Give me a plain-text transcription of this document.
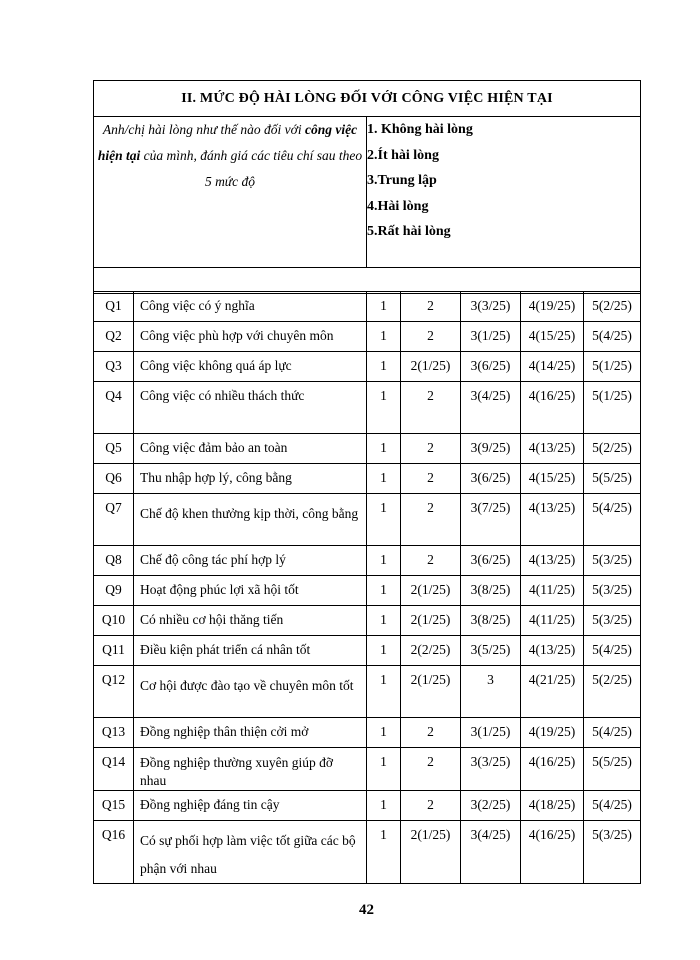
II. MỨC ĐỘ HÀI LÒNG ĐỐI VỚI CÔNG VIỆC HIỆN TẠI
Anh/chị hài lòng như thế nào đối với công việc hiện tại của mình, đánh giá các tiêu chí sau theo 5 mức độ	
1. Không hài lòng
2.Ít hài lòng
3.Trung lập
4.Hài lòng
5.Rất hài lòng

Q1	Công việc có ý nghĩa	1	2	3(3/25)	4(19/25)	5(2/25)
Q2	Công việc phù hợp với chuyên môn	1	2	3(1/25)	4(15/25)	5(4/25)
Q3	Công việc không quá áp lực	1	2(1/25)	3(6/25)	4(14/25)	5(1/25)
Q4	Công việc có nhiều thách thức	1	2	3(4/25)	4(16/25)	5(1/25)
Q5	Công việc đảm bảo an toàn	1	2	3(9/25)	4(13/25)	5(2/25)
Q6	Thu nhập hợp lý, công bằng	1	2	3(6/25)	4(15/25)	5(5/25)
Q7	Chế độ khen thưởng kịp thời, công bằng	1	2	3(7/25)	4(13/25)	5(4/25)
Q8	Chế độ công tác phí hợp lý	1	2	3(6/25)	4(13/25)	5(3/25)
Q9	Hoạt động phúc lợi xã hội tốt	1	2(1/25)	3(8/25)	4(11/25)	5(3/25)
Q10	Có nhiều cơ hội thăng tiến	1	2(1/25)	3(8/25)	4(11/25)	5(3/25)
Q11	Điều kiện phát triển cá nhân tốt	1	2(2/25)	3(5/25)	4(13/25)	5(4/25)
Q12	Cơ hội được đào tạo về chuyên môn tốt	1	2(1/25)	3	4(21/25)	5(2/25)
Q13	Đồng nghiệp thân thiện cởi mở	1	2	3(1/25)	4(19/25)	5(4/25)
Q14	Đồng nghiệp thường xuyên giúp đỡ nhau	1	2	3(3/25)	4(16/25)	5(5/25)
Q15	Đồng nghiệp đáng tin cậy	1	2	3(2/25)	4(18/25)	5(4/25)
Q16	Có sự phối hợp làm việc tốt giữa các bộ phận với nhau	1	2(1/25)	3(4/25)	4(16/25)	5(3/25)
42
